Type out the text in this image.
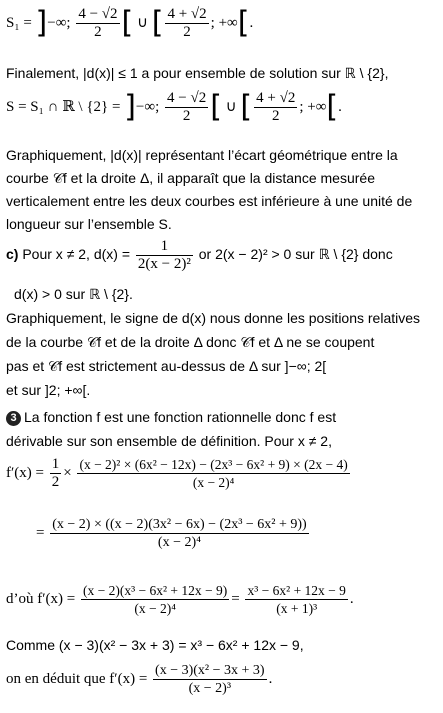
S₁ = ]−∞; $\frac{4 - √2}{2}$ [ ∪ [ $\frac{4 + √2}{2}$ ; +∞[.
Finalement, |d(x)| ≤ 1 a pour ensemble de solution sur ℝ \ {2},
S = S₁ ∩ ℝ \ {2} = ]−∞; $\frac{4 - √2}{2}$ [ ∪ [ $\frac{4 + √2}{2}$ ; +∞[.
Graphiquement, |d(x)| représentant l’écart géométrique entre la
courbe 𝒞f et la droite Δ, il apparaît que la distance mesurée
verticalement entre les deux courbes est inférieure à une unité de
longueur sur l’ensemble S.
c) Pour x ≠ 2, $d(x) = \frac{1}{\text{2(x − 2)²}}$ or 2(x − 2)² > 0 sur ℝ \ {2} donc
d(x) > 0 sur ℝ \ {2}.
Graphiquement, le signe de d(x) nous donne les positions relatives
de la courbe 𝒞f et de la droite Δ donc 𝒞f et Δ ne se coupent
pas et 𝒞f est strictement au-dessus de Δ sur ]−∞; 2[
et sur ]2; +∞[.
3 La fonction f est une fonction rationnelle donc f est
dérivable sur son ensemble de définition. Pour x ≠ 2,
$f'(x) = \frac{1}{2} \times \frac{\text{(x − 2)² × (6x² − 12x) − (2x³ − 6x² + 9) × (2x − 4)}}{\text{(x − 2)⁴}}$
= $\frac{\text{(x − 2) × ((x − 2)(3x² − 6x) − (2x³ − 6x² + 9))}}{\text{(x − 2)⁴}}$
d’où $f'(x) = \frac{\text{(x − 2)(x³ − 6x² + 12x − 9)}}{\text{(x − 2)⁴}} = \frac{\text{x³ − 6x² + 12x − 9}}{\text{(x + 1)³}}$ .
Comme (x − 3)(x² − 3x + 3) = x³ − 6x² + 12x − 9,
on en déduit que $f'(x) = \frac{\text{(x − 3)(x² − 3x + 3)}}{\text{(x − 2)³}}$ .
